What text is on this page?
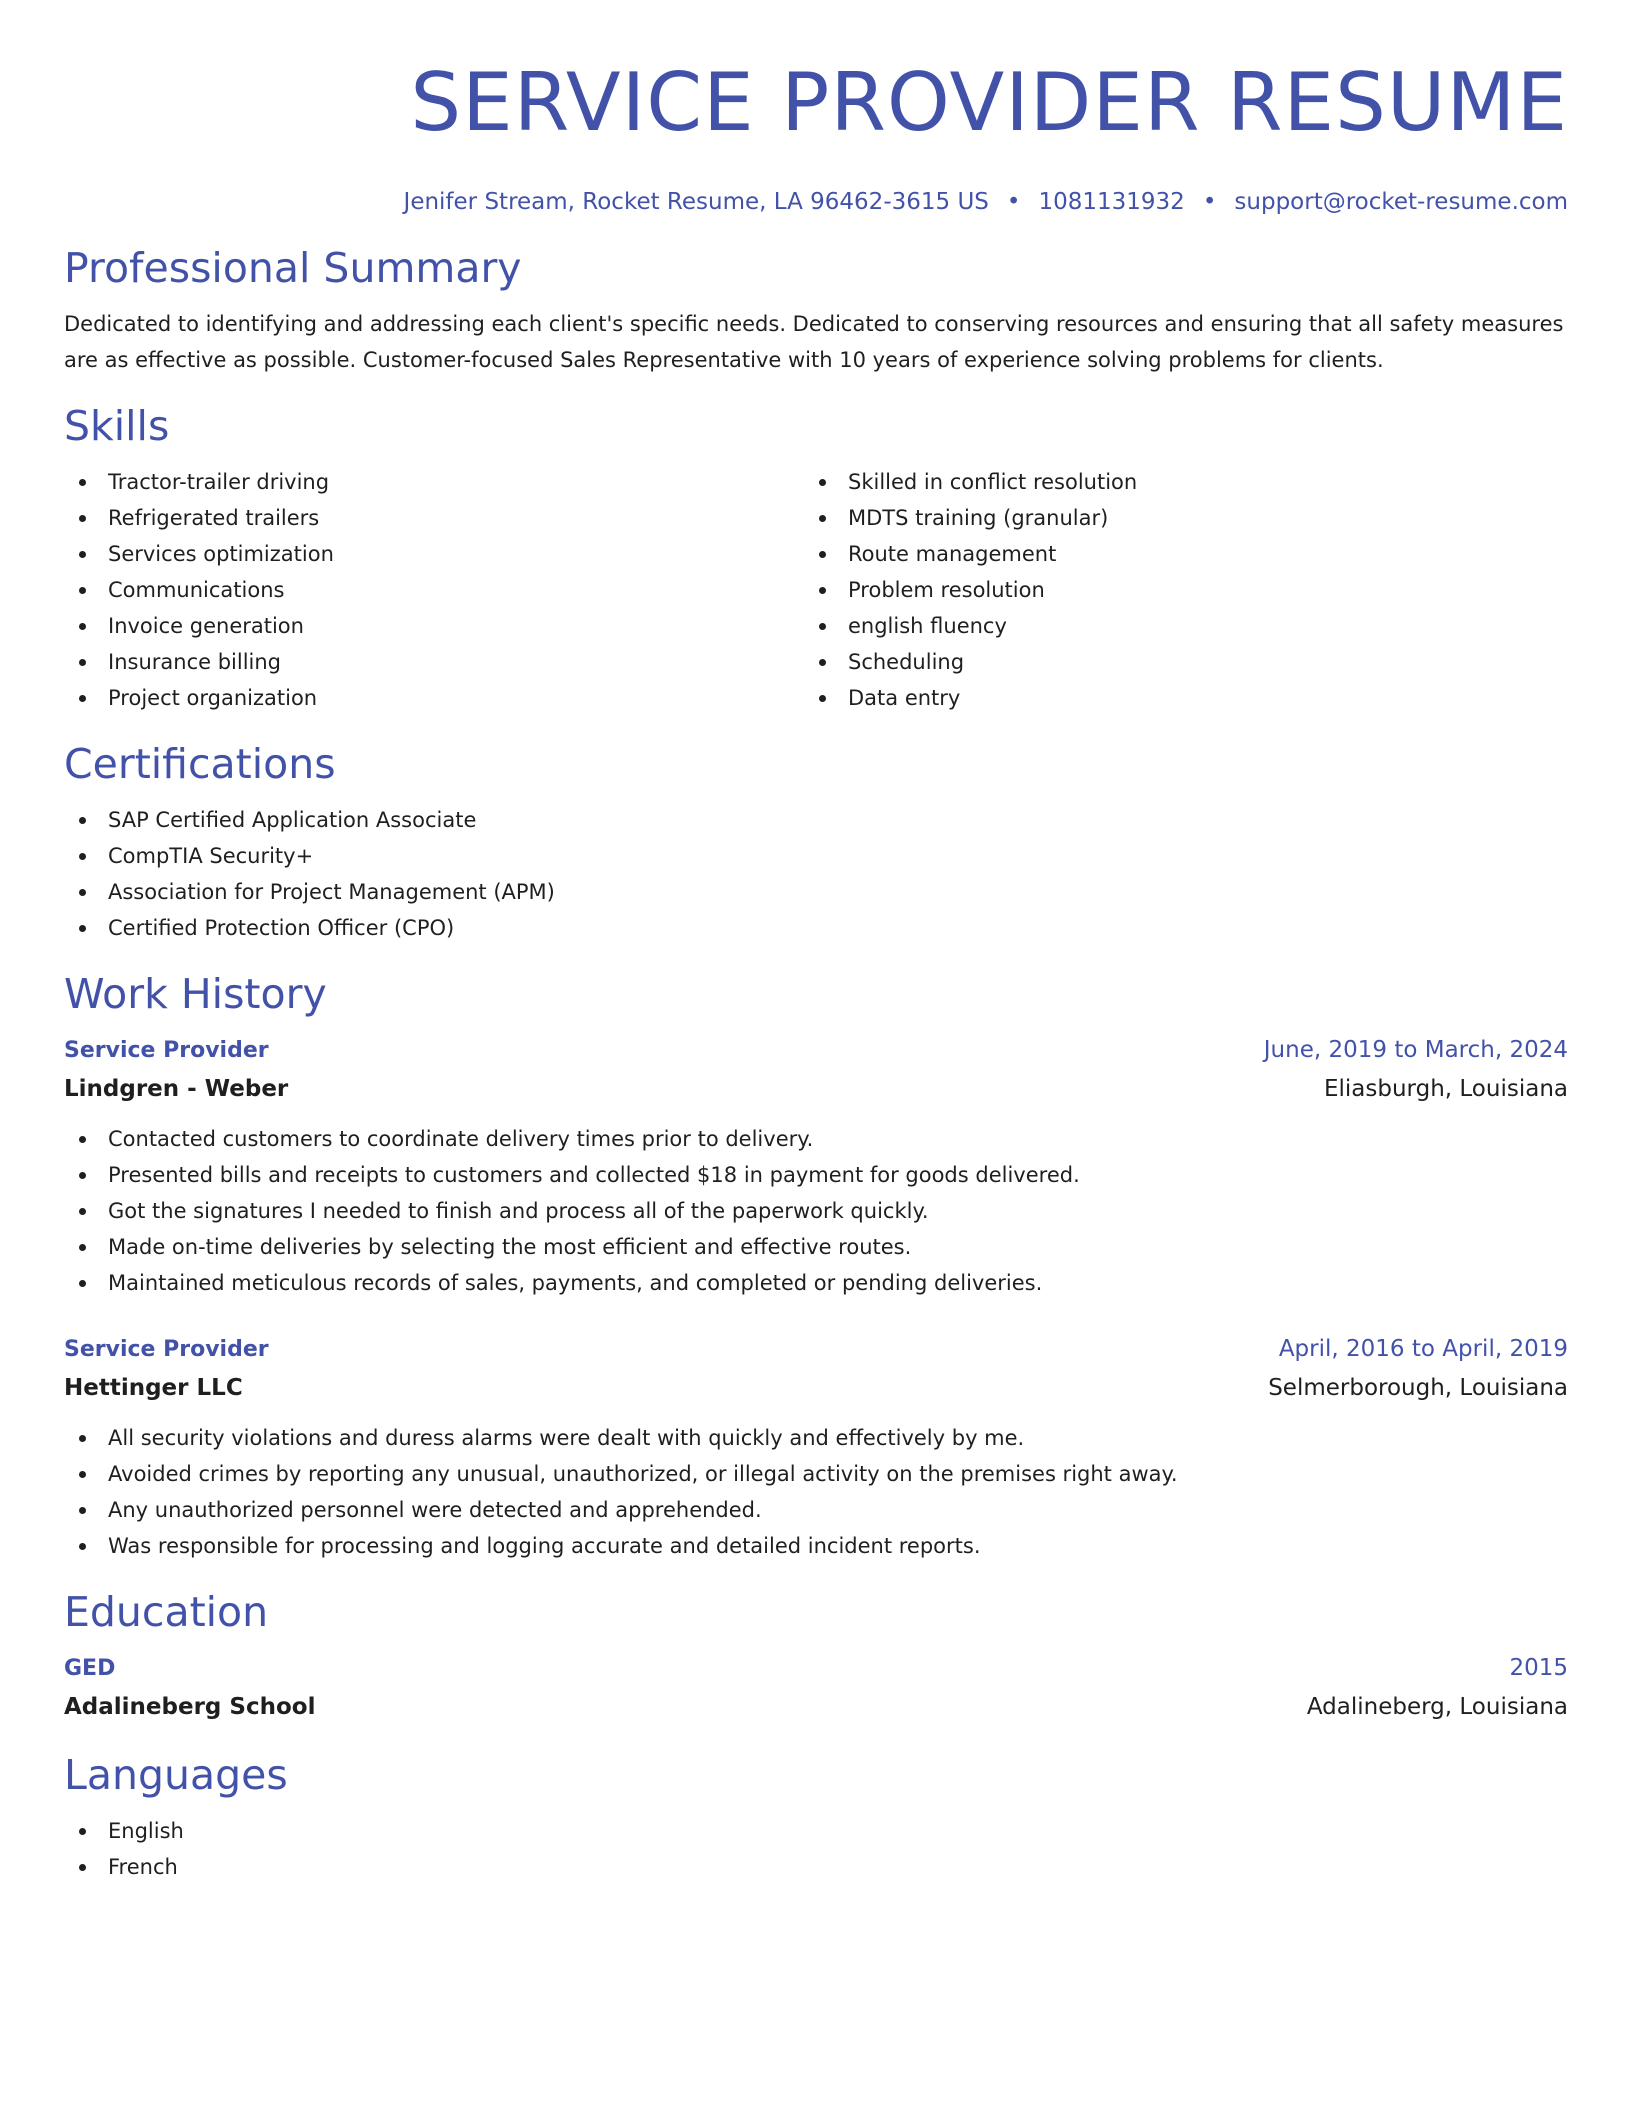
SERVICE PROVIDER RESUME
Jenifer Stream, Rocket Resume, LA 96462-3615 US • 1081131932 • support@rocket-resume.com
Professional Summary

Dedicated to identifying and addressing each client's specific needs. Dedicated to conserving resources and ensuring that all safety measures are as effective as possible. Customer-focused Sales Representative with 10 years of experience solving problems for clients.

Skills
Tractor-trailer driving
Refrigerated trailers
Services optimization
Communications
Invoice generation
Insurance billing
Project organization
Skilled in conflict resolution
MDTS training (granular)
Route management
Problem resolution
english fluency
Scheduling
Data entry
Certifications
SAP Certified Application Associate
CompTIA Security+
Association for Project Management (APM)
Certified Protection Officer (CPO)
Work History
Service Provider	June, 2019 to March, 2024
Lindgren - Weber	Eliasburgh, Louisiana
Contacted customers to coordinate delivery times prior to delivery.
Presented bills and receipts to customers and collected $18 in payment for goods delivered.
Got the signatures I needed to finish and process all of the paperwork quickly.
Made on-time deliveries by selecting the most efficient and effective routes.
Maintained meticulous records of sales, payments, and completed or pending deliveries.
Service Provider	April, 2016 to April, 2019
Hettinger LLC	Selmerborough, Louisiana
All security violations and duress alarms were dealt with quickly and effectively by me.
Avoided crimes by reporting any unusual, unauthorized, or illegal activity on the premises right away.
Any unauthorized personnel were detected and apprehended.
Was responsible for processing and logging accurate and detailed incident reports.
Education
GED	2015
Adalineberg School	Adalineberg, Louisiana
Languages
English
French
